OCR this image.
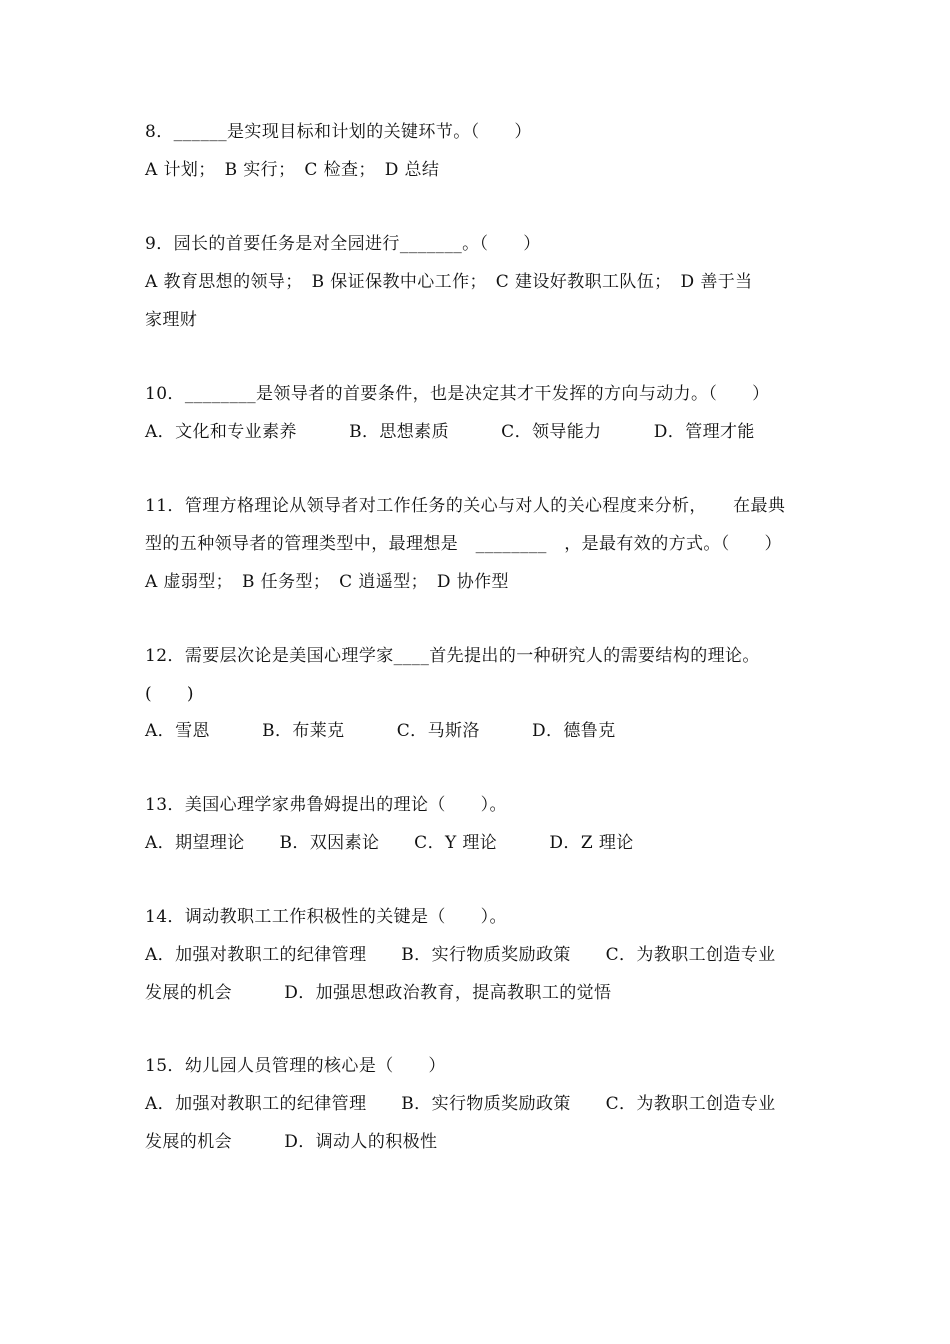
8．______是实现目标和计划的关键环节。（　　）
A 计划；　B 实行；　C 检查；　D 总结
9．园长的首要任务是对全园进行_______。（　　）
A 教育思想的领导；　B 保证保教中心工作；　C 建设好教职工队伍；　D 善于当
家理财
10．________是领导者的首要条件，也是决定其才干发挥的方向与动力。（　　）
A．文化和专业素养　　　B．思想素质　　　C．领导能力　　　D．管理才能
11．管理方格理论从领导者对工作任务的关心与对人的关心程度来分析，　　在最典
型的五种领导者的管理类型中，最理想是　________　，是最有效的方式。（　　）
A 虚弱型；　B 任务型；　C 逍遥型；　D 协作型
12．需要层次论是美国心理学家____首先提出的一种研究人的需要结构的理论。
(　　)
A．雪恩　　　B．布莱克　　　C．马斯洛　　　D．德鲁克
13．美国心理学家弗鲁姆提出的理论（　　）。
A．期望理论　　B．双因素论　　C．Y 理论　　　D．Z 理论
14．调动教职工工作积极性的关键是（　　）。
A．加强对教职工的纪律管理　　B．实行物质奖励政策　　C．为教职工创造专业
发展的机会　　　D．加强思想政治教育，提高教职工的觉悟
15．幼儿园人员管理的核心是（　　）
A．加强对教职工的纪律管理　　B．实行物质奖励政策　　C．为教职工创造专业
发展的机会　　　D．调动人的积极性
